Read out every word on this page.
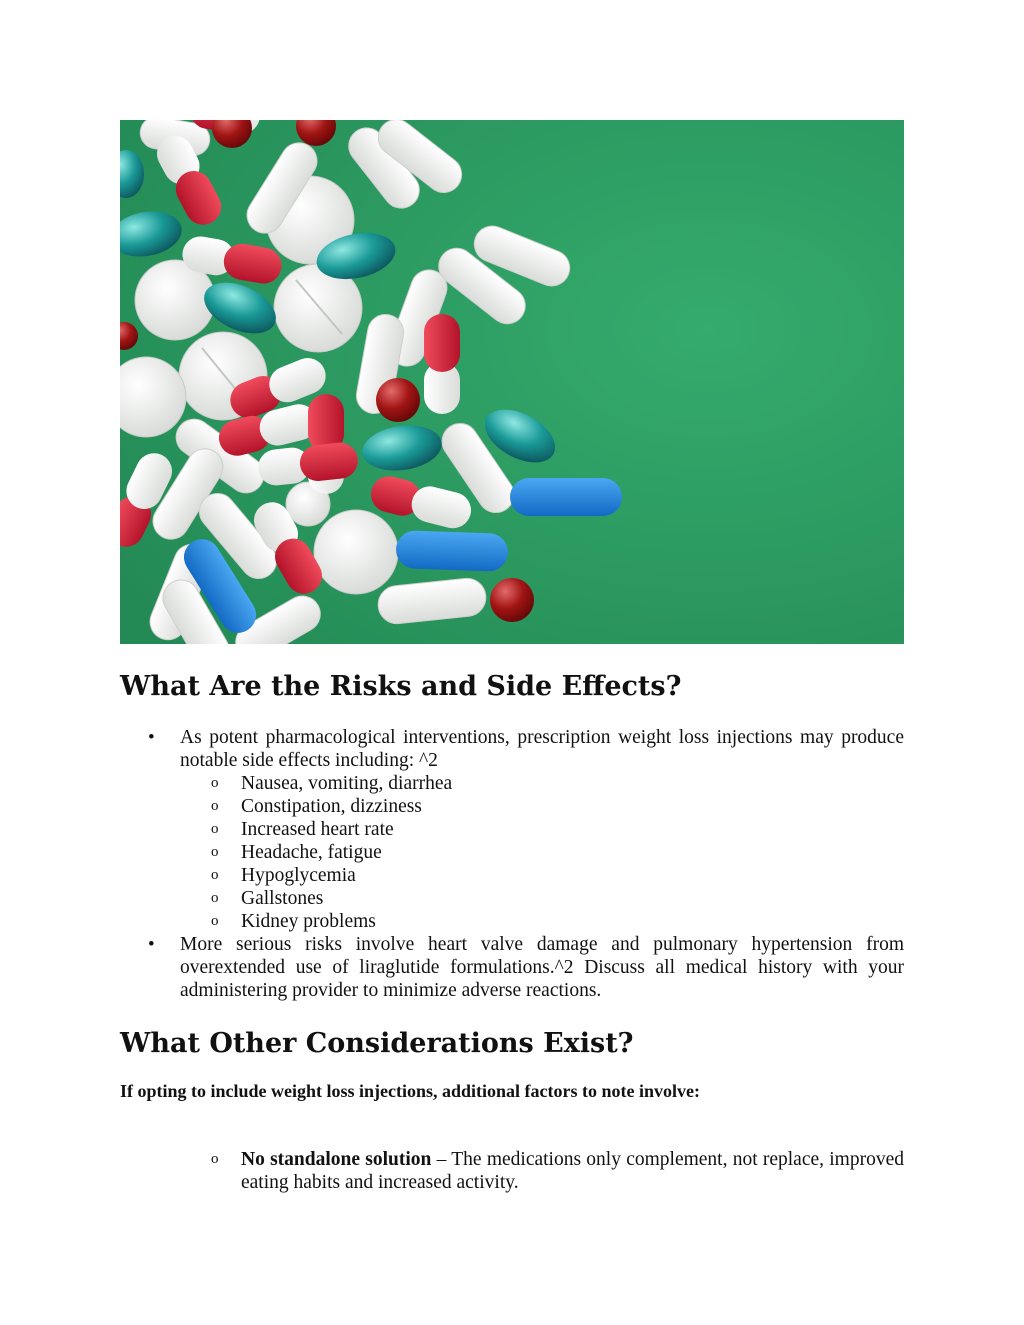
What Are the Risks and Side Effects?
• As potent pharmacological interventions, prescription weight loss injections may produce notable side effects including: ^2
o Nausea, vomiting, diarrhea
o Constipation, dizziness
o Increased heart rate
o Headache, fatigue
o Hypoglycemia
o Gallstones
o Kidney problems
• More serious risks involve heart valve damage and pulmonary hypertension from overextended use of liraglutide formulations.^2 Discuss all medical history with your administering provider to minimize adverse reactions.
What Other Considerations Exist?

If opting to include weight loss injections, additional factors to note involve:

o No standalone solution – The medications only complement, not replace, improved eating habits and increased activity.
